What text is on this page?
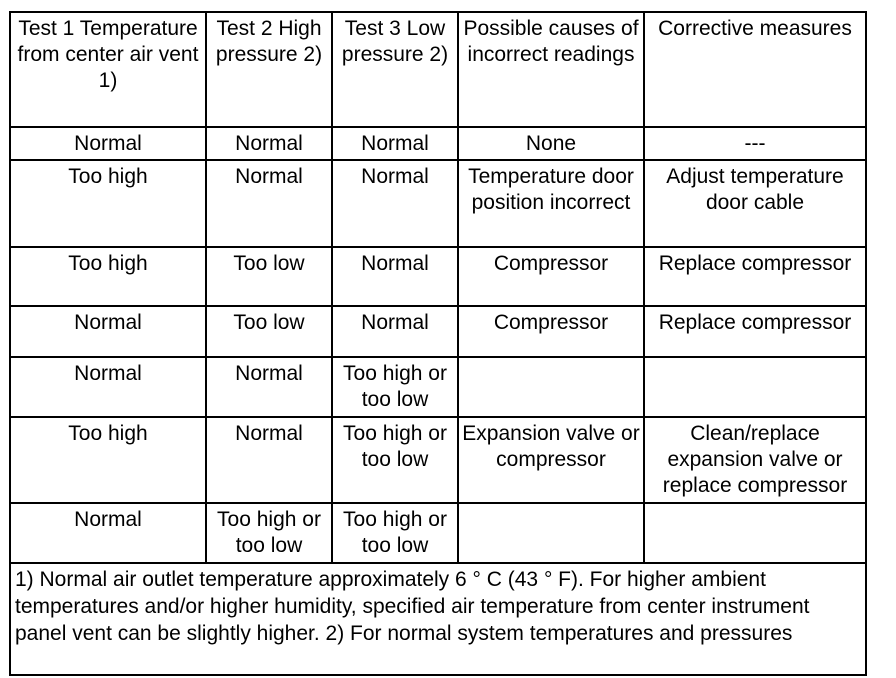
Test 1 Temperature from center air vent 1)	Test 2 High pressure 2)	Test 3 Low pressure 2)	Possible causes of incorrect readings	Corrective measures
Normal	Normal	Normal	None	---
Too high	Normal	Normal	Temperature door position incorrect	Adjust temperature door cable
Too high	Too low	Normal	Compressor	Replace compressor
Normal	Too low	Normal	Compressor	Replace compressor
Normal	Normal	Too high or too low		
Too high	Normal	Too high or too low	Expansion valve or compressor	Clean/replace expansion valve or replace compressor
Normal	Too high or too low	Too high or too low		
1) Normal air outlet temperature approximately 6 ° C (43 ° F). For higher ambient temperatures and/or higher humidity, specified air temperature from center instrument panel vent can be slightly higher. 2) For normal system temperatures and pressures				
